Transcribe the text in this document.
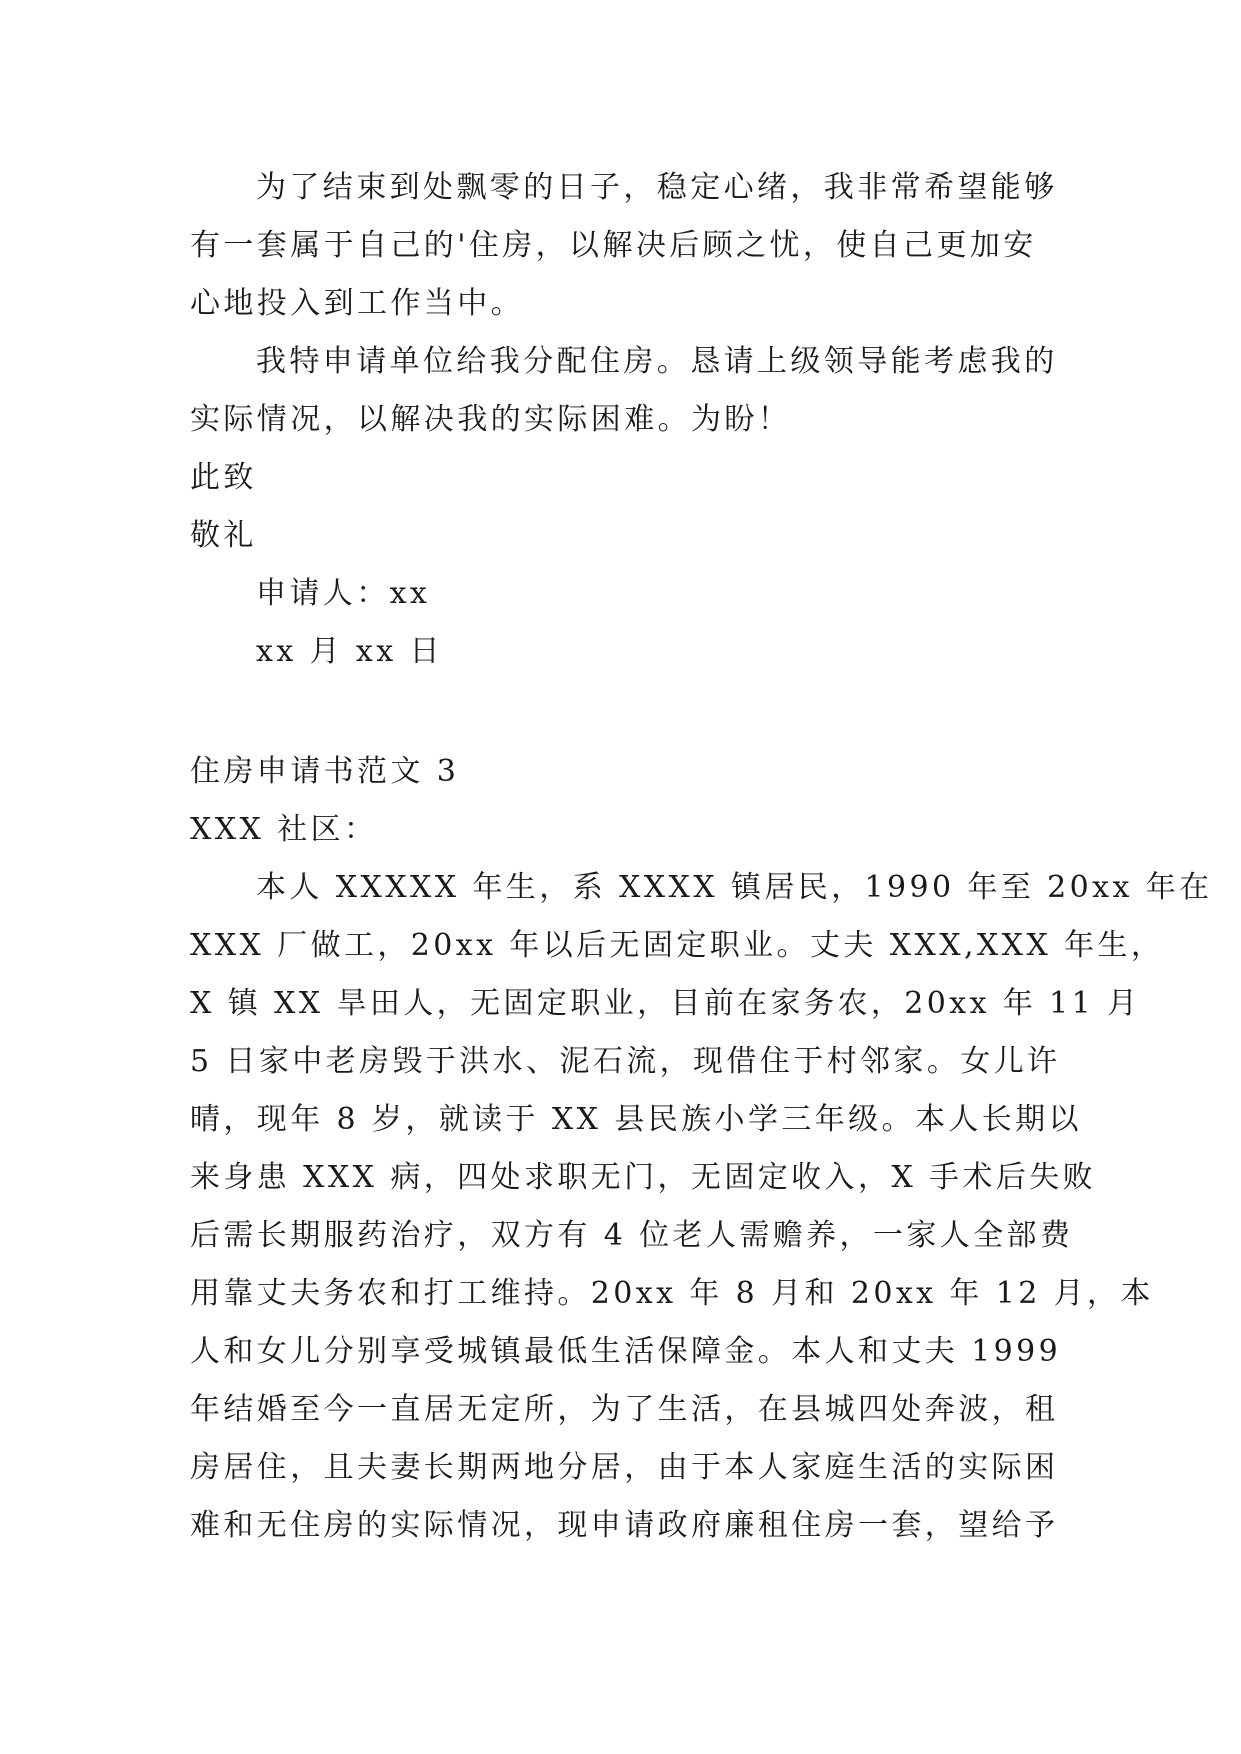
为了结束到处飘零的日子，稳定心绪，我非常希望能够
有一套属于自己的'住房，以解决后顾之忧，使自己更加安
心地投入到工作当中。
我特申请单位给我分配住房。恳请上级领导能考虑我的
实际情况，以解决我的实际困难。为盼！
此致
敬礼
申请人：xx
xx 月 xx 日
住房申请书范文 3
XXX 社区：
本人 XXXXX 年生，系 XXXX 镇居民，1990 年至 20xx 年在
XXX 厂做工，20xx 年以后无固定职业。丈夫 XXX,XXX 年生，
X 镇 XX 旱田人，无固定职业，目前在家务农，20xx 年 11 月
5 日家中老房毁于洪水、泥石流，现借住于村邻家。女儿许
晴，现年 8 岁，就读于 XX 县民族小学三年级。本人长期以
来身患 XXX 病，四处求职无门，无固定收入，X 手术后失败
后需长期服药治疗，双方有 4 位老人需赡养，一家人全部费
用靠丈夫务农和打工维持。20xx 年 8 月和 20xx 年 12 月，本
人和女儿分别享受城镇最低生活保障金。本人和丈夫 1999
年结婚至今一直居无定所，为了生活，在县城四处奔波，租
房居住，且夫妻长期两地分居，由于本人家庭生活的实际困
难和无住房的实际情况，现申请政府廉租住房一套，望给予
